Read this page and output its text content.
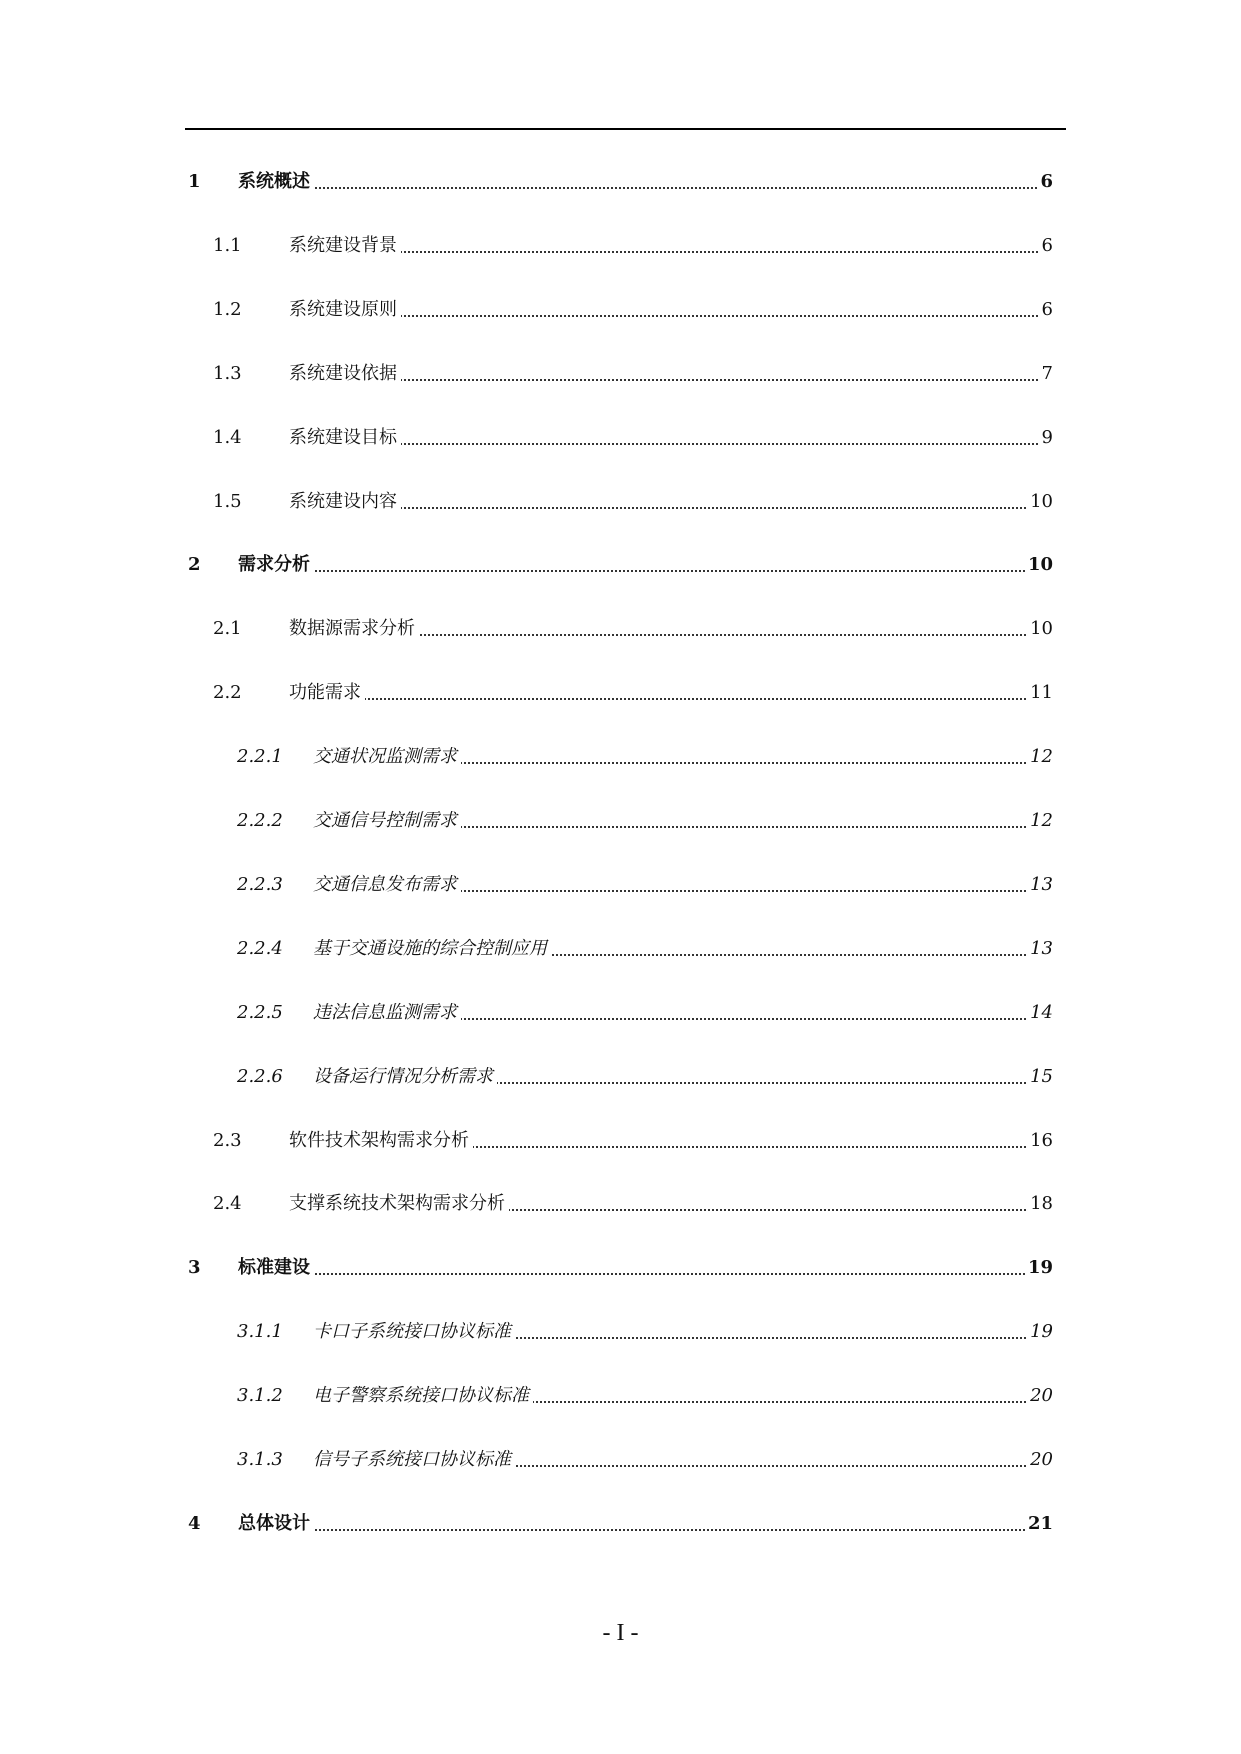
1 系统概述	6
1.1	系统建设背景	6
1.2	系统建设原则	6
1.3	系统建设依据	7
1.4	系统建设目标	9
1.5	系统建设内容	10
2 需求分析	10
2.1	数据源需求分析	10
2.2	功能需求	11
2.2.1 交通状况监测需求	12
2.2.2 交通信号控制需求	12
2.2.3 交通信息发布需求	13
2.2.4 基于交通设施的综合控制应用	13
2.2.5 违法信息监测需求	14
2.2.6 设备运行情况分析需求	15
2.3	软件技术架构需求分析	16
2.4	支撑系统技术架构需求分析	18
3 标准建设	19
3.1.1 卡口子系统接口协议标准	19
3.1.2 电子警察系统接口协议标准	20
3.1.3 信号子系统接口协议标准	20
4 总体设计	21
- I -
